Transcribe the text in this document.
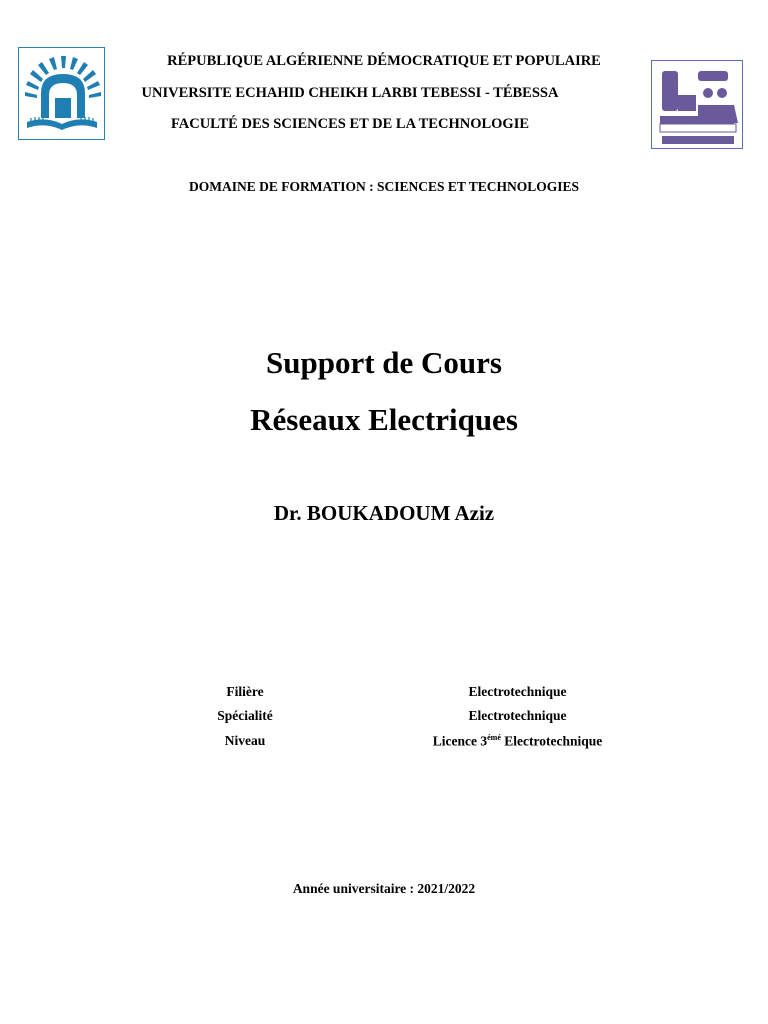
RÉPUBLIQUE ALGÉRIENNE DÉMOCRATIQUE ET POPULAIRE
UNIVERSITE ECHAHID CHEIKH LARBI TEBESSI - TÉBESSA
FACULTÉ DES SCIENCES ET DE LA TECHNOLOGIE
DOMAINE DE FORMATION : SCIENCES ET TECHNOLOGIES
Support de Cours
Réseaux Electriques
Dr. BOUKADOUM Aziz
Filière	Electrotechnique
Spécialité	Electrotechnique
Niveau	Licence $3^{émé}$ Electrotechnique
Année universitaire : 2021/2022
